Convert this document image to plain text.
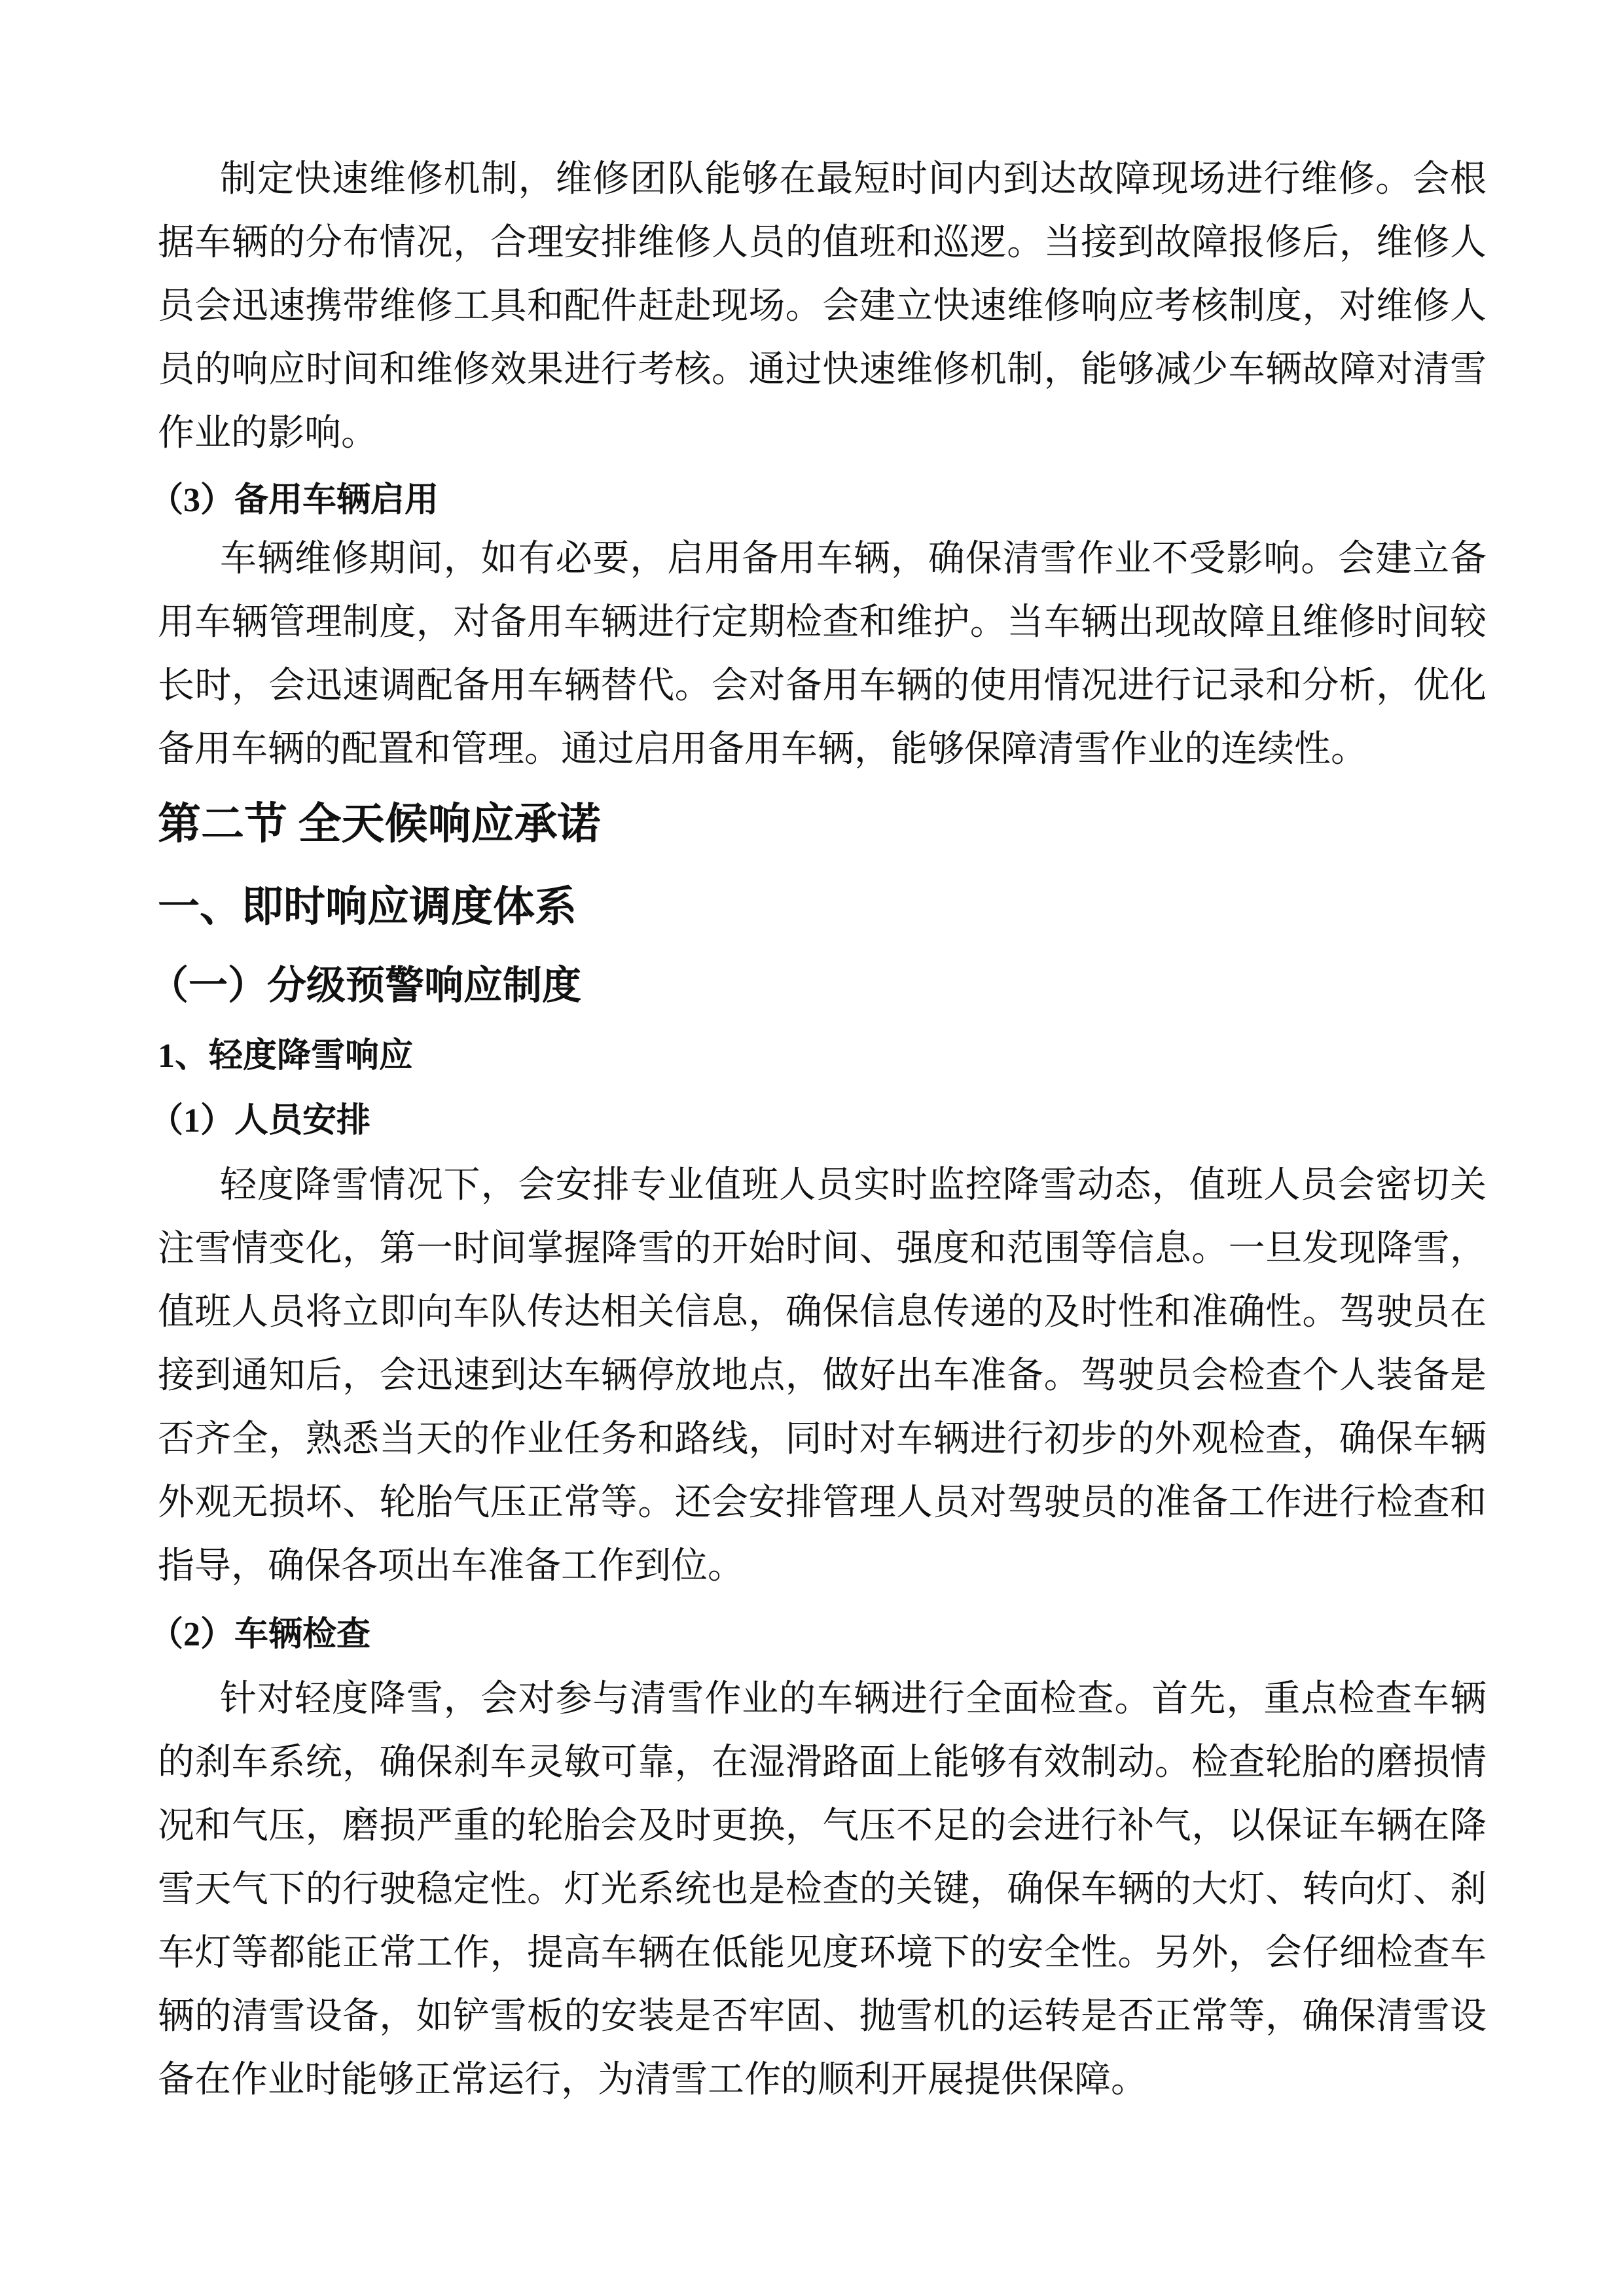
制定快速维修机制，维修团队能够在最短时间内到达故障现场进行维修。会根据车辆的分布情况，合理安排维修人员的值班和巡逻。当接到故障报修后，维修人员会迅速携带维修工具和配件赶赴现场。会建立快速维修响应考核制度，对维修人员的响应时间和维修效果进行考核。通过快速维修机制，能够减少车辆故障对清雪作业的影响。

（3）备用车辆启用

车辆维修期间，如有必要，启用备用车辆，确保清雪作业不受影响。会建立备用车辆管理制度，对备用车辆进行定期检查和维护。当车辆出现故障且维修时间较长时，会迅速调配备用车辆替代。会对备用车辆的使用情况进行记录和分析，优化备用车辆的配置和管理。通过启用备用车辆，能够保障清雪作业的连续性。

第二节 全天候响应承诺
一、即时响应调度体系
（一）分级预警响应制度
1、轻度降雪响应
（1）人员安排

轻度降雪情况下，会安排专业值班人员实时监控降雪动态，值班人员会密切关注雪情变化，第一时间掌握降雪的开始时间、强度和范围等信息。一旦发现降雪，值班人员将立即向车队传达相关信息，确保信息传递的及时性和准确性。驾驶员在接到通知后，会迅速到达车辆停放地点，做好出车准备。驾驶员会检查个人装备是否齐全，熟悉当天的作业任务和路线，同时对车辆进行初步的外观检查，确保车辆外观无损坏、轮胎气压正常等。还会安排管理人员对驾驶员的准备工作进行检查和指导，确保各项出车准备工作到位。

（2）车辆检查

针对轻度降雪，会对参与清雪作业的车辆进行全面检查。首先，重点检查车辆的刹车系统，确保刹车灵敏可靠，在湿滑路面上能够有效制动。检查轮胎的磨损情况和气压，磨损严重的轮胎会及时更换，气压不足的会进行补气，以保证车辆在降雪天气下的行驶稳定性。灯光系统也是检查的关键，确保车辆的大灯、转向灯、刹车灯等都能正常工作，提高车辆在低能见度环境下的安全性。另外，会仔细检查车辆的清雪设备，如铲雪板的安装是否牢固、抛雪机的运转是否正常等，确保清雪设备在作业时能够正常运行，为清雪工作的顺利开展提供保障。
